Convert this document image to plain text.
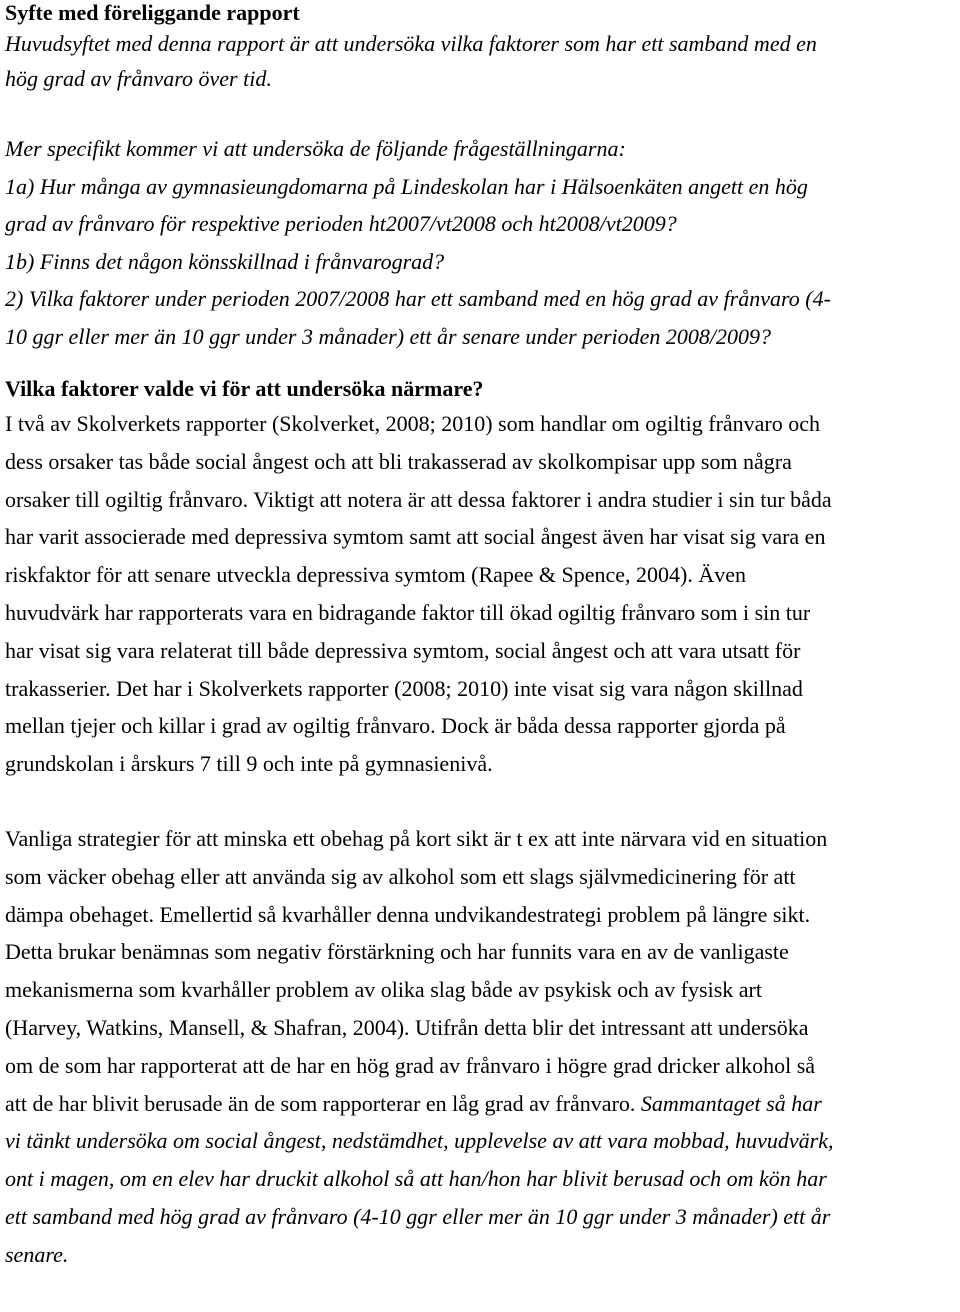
Syfte med föreliggande rapport

Huvudsyftet med denna rapport är att undersöka vilka faktorer som har ett samband med en
hög grad av frånvaro över tid.

Mer specifikt kommer vi att undersöka de följande frågeställningarna:
1a) Hur många av gymnasieungdomarna på Lindeskolan har i Hälsoenkäten angett en hög
grad av frånvaro för respektive perioden ht2007/vt2008 och ht2008/vt2009?
1b) Finns det någon könsskillnad i frånvarograd?
2) Vilka faktorer under perioden 2007/2008 har ett samband med en hög grad av frånvaro (4-
10 ggr eller mer än 10 ggr under 3 månader) ett år senare under perioden 2008/2009?

Vilka faktorer valde vi för att undersöka närmare?

I två av Skolverkets rapporter (Skolverket, 2008; 2010) som handlar om ogiltig frånvaro och
dess orsaker tas både social ångest och att bli trakasserad av skolkompisar upp som några
orsaker till ogiltig frånvaro. Viktigt att notera är att dessa faktorer i andra studier i sin tur båda
har varit associerade med depressiva symtom samt att social ångest även har visat sig vara en
riskfaktor för att senare utveckla depressiva symtom (Rapee & Spence, 2004). Även
huvudvärk har rapporterats vara en bidragande faktor till ökad ogiltig frånvaro som i sin tur
har visat sig vara relaterat till både depressiva symtom, social ångest och att vara utsatt för
trakasserier. Det har i Skolverkets rapporter (2008; 2010) inte visat sig vara någon skillnad
mellan tjejer och killar i grad av ogiltig frånvaro. Dock är båda dessa rapporter gjorda på
grundskolan i årskurs 7 till 9 och inte på gymnasienivå.

Vanliga strategier för att minska ett obehag på kort sikt är t ex att inte närvara vid en situation
som väcker obehag eller att använda sig av alkohol som ett slags självmedicinering för att
dämpa obehaget. Emellertid så kvarhåller denna undvikandestrategi problem på längre sikt.
Detta brukar benämnas som negativ förstärkning och har funnits vara en av de vanligaste
mekanismerna som kvarhåller problem av olika slag både av psykisk och av fysisk art
(Harvey, Watkins, Mansell, & Shafran, 2004). Utifrån detta blir det intressant att undersöka
om de som har rapporterat att de har en hög grad av frånvaro i högre grad dricker alkohol så
att de har blivit berusade än de som rapporterar en låg grad av frånvaro. Sammantaget så har
vi tänkt undersöka om social ångest, nedstämdhet, upplevelse av att vara mobbad, huvudvärk,
ont i magen, om en elev har druckit alkohol så att han/hon har blivit berusad och om kön har
ett samband med hög grad av frånvaro (4-10 ggr eller mer än 10 ggr under 3 månader) ett år
senare.
